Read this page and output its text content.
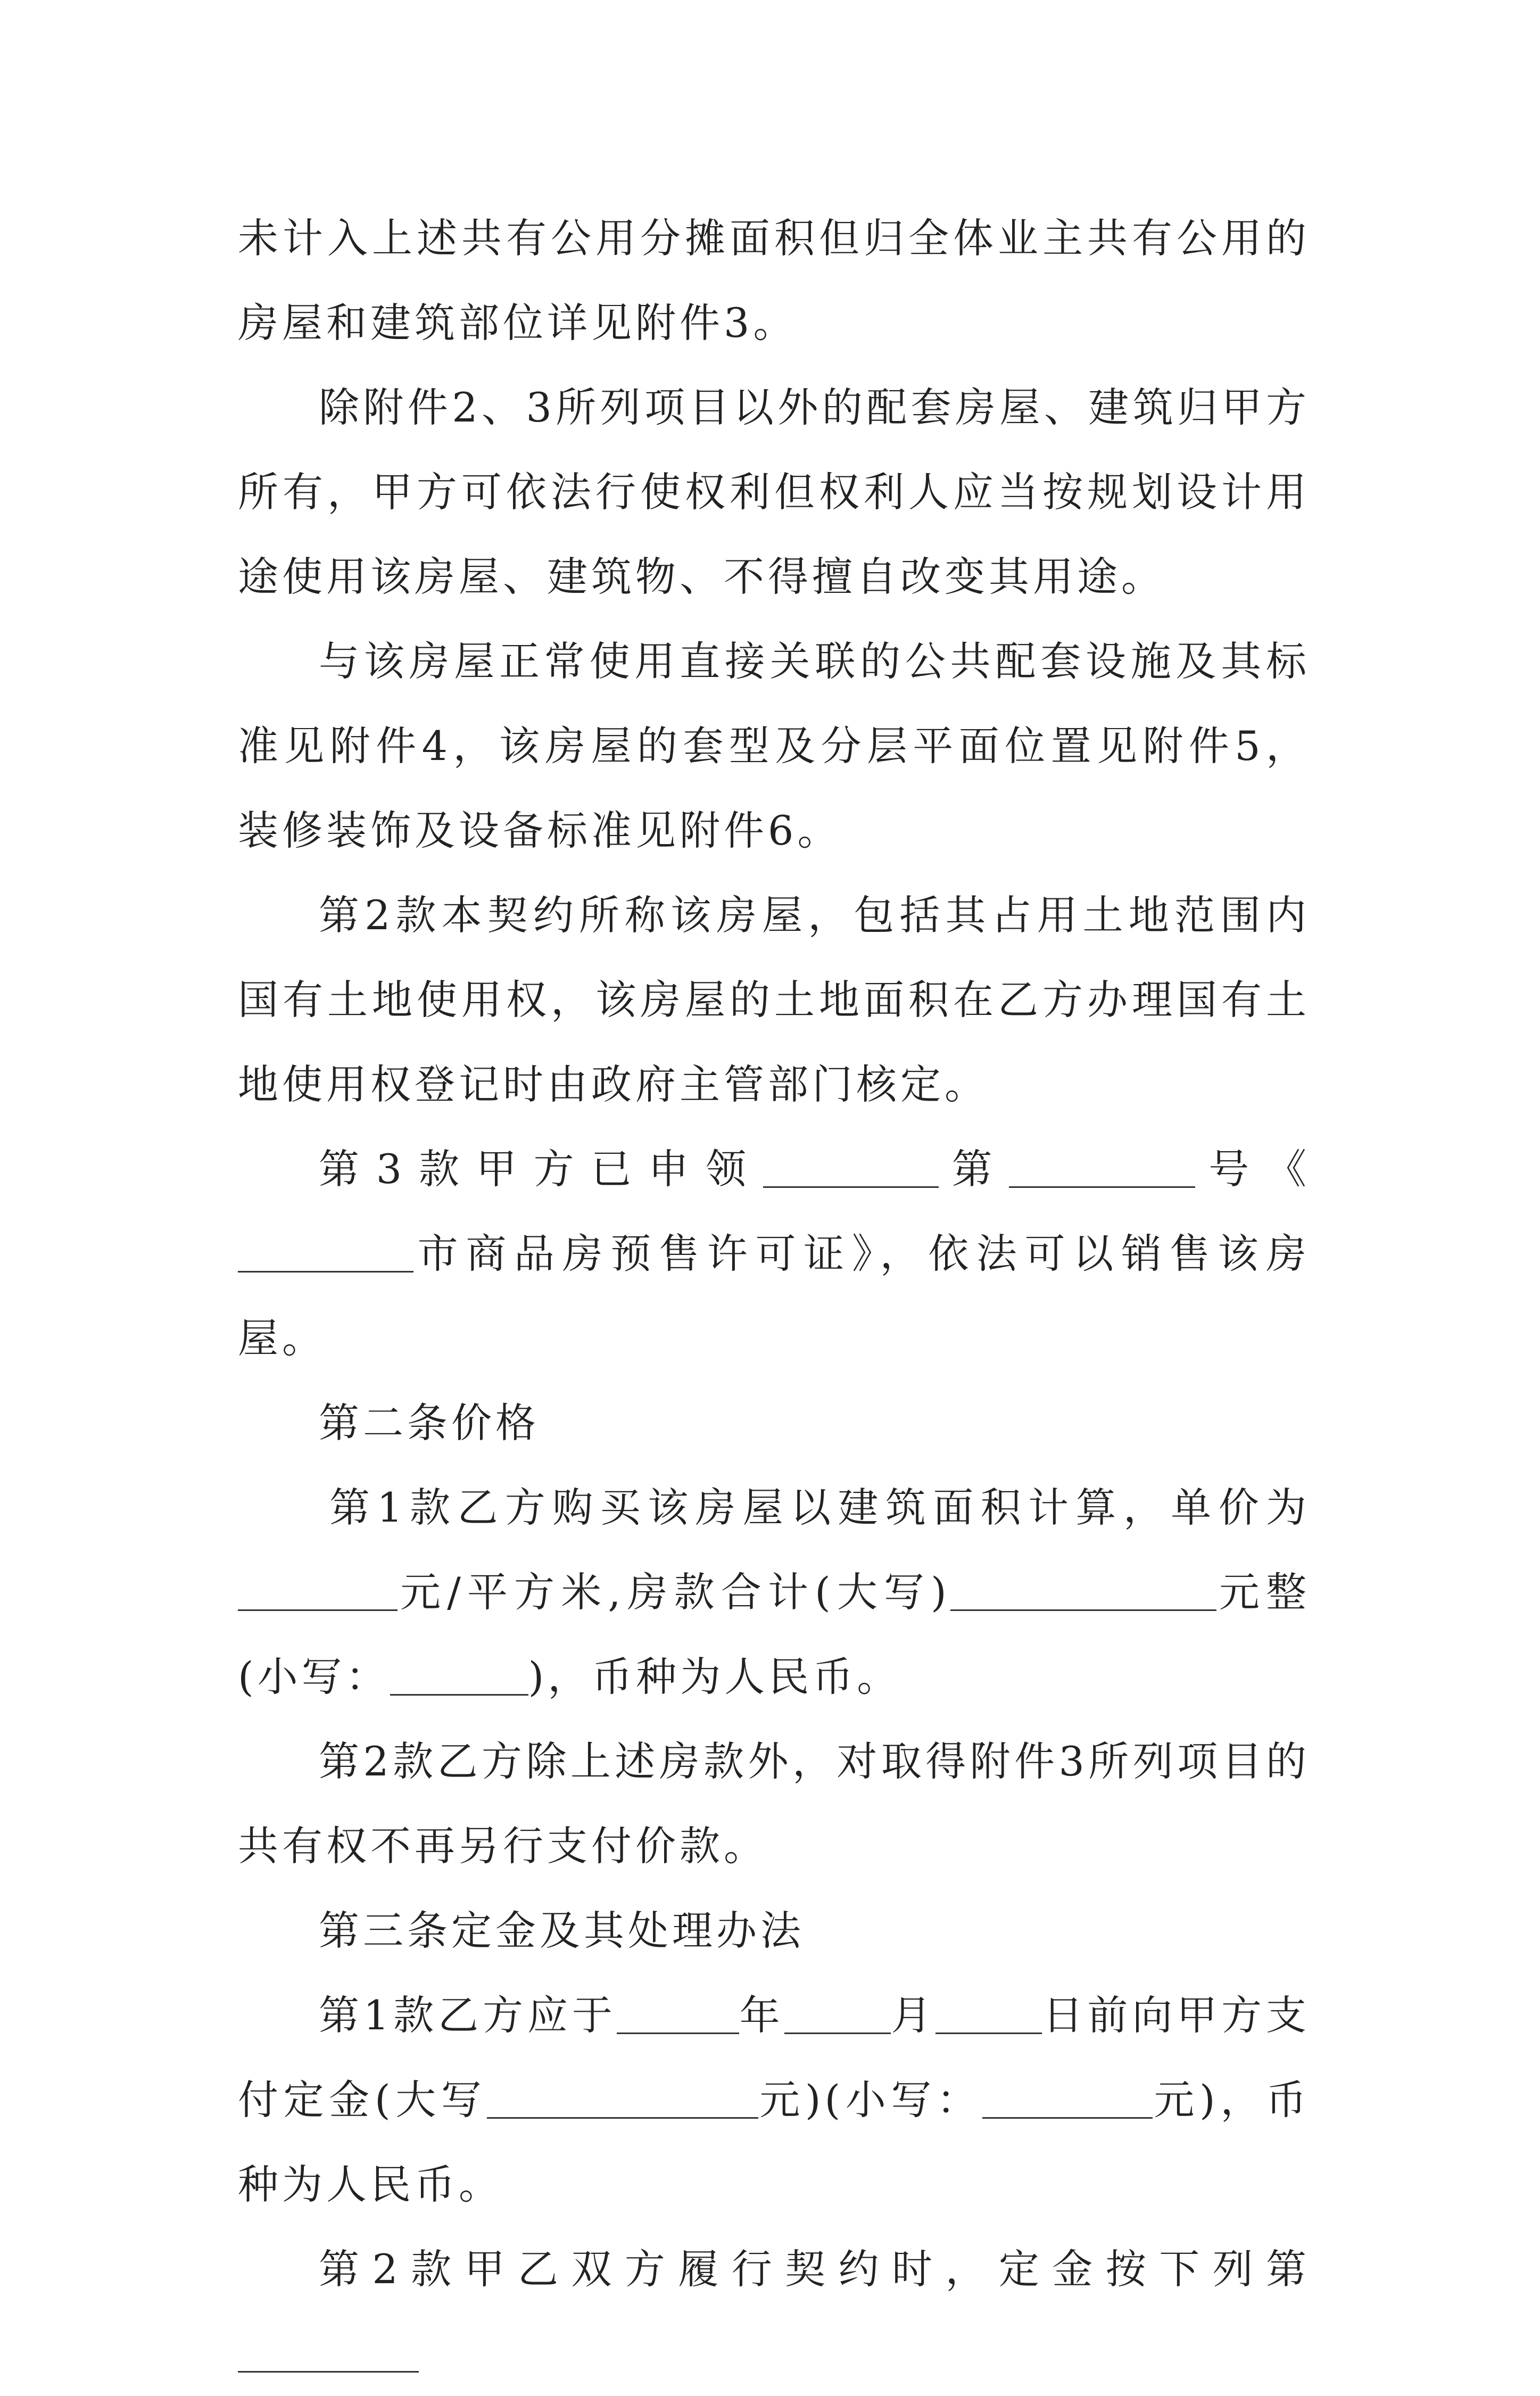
未计入上述共有公用分摊面积但归全体业主共有公用的房屋和建筑部位详见附件3。

除附件2、3所列项目以外的配套房屋、建筑归甲方所有，甲方可依法行使权利但权利人应当按规划设计用途使用该房屋、建筑物、不得擅自改变其用途。

与该房屋正常使用直接关联的公共配套设施及其标准见附件4，该房屋的套型及分层平面位置见附件5，装修装饰及设备标准见附件6。

第2款本契约所称该房屋，包括其占用土地范围内国有土地使用权，该房屋的土地面积在乙方办理国有土地使用权登记时由政府主管部门核定。

第3款甲方已申领	第	号《市商品房预售许可证》，依法可以销售该房屋。

第二条价格

第1款乙方购买该房屋以建筑面积计算，单价为元/平方米,房款合计(大写)	元整(小写：	)，币种为人民币。

第2款乙方除上述房款外，对取得附件3所列项目的共有权不再另行支付价款。

第三条定金及其处理办法

第1款乙方应于	年	月	日前向甲方支付定金(大写	元)(小写：	元)，币种为人民币。

第2款甲乙双方履行契约时，定金按下列第
